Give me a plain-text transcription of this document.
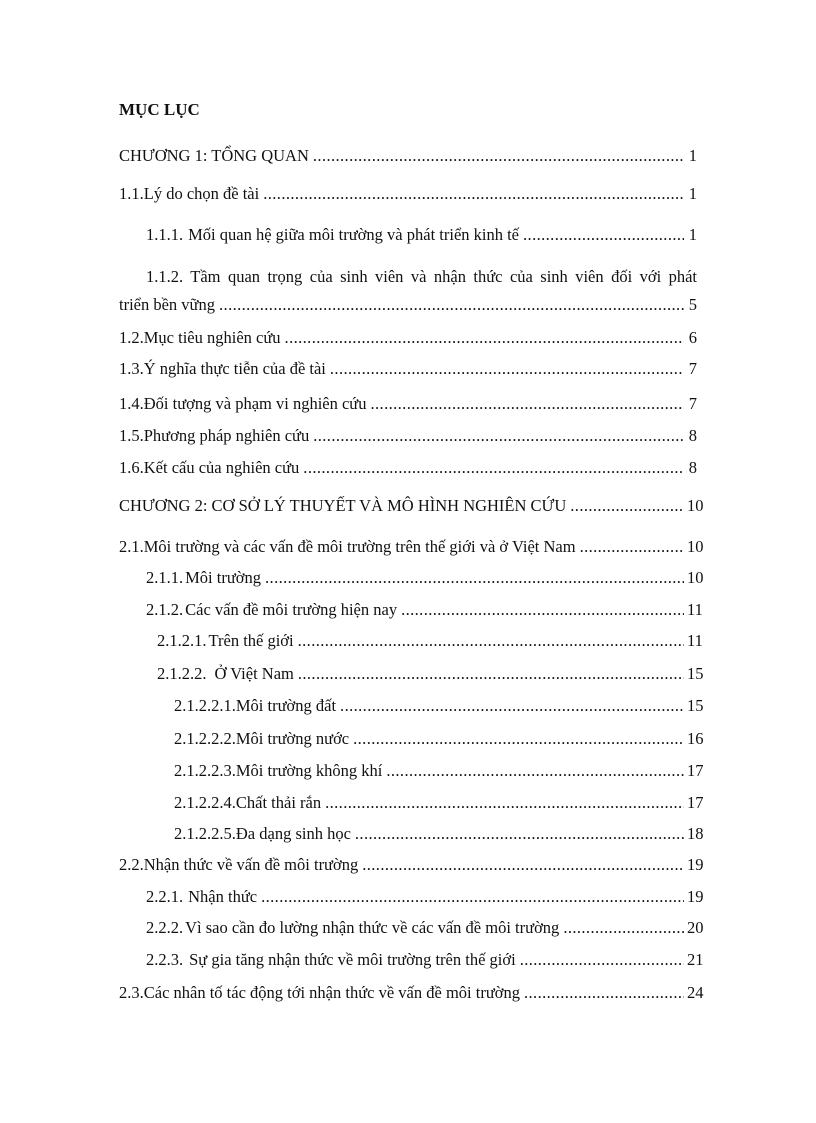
MỤC LỤC
CHƯƠNG 1: TỔNG QUAN .....	1
1.1. Lý do chọn đề tài .....	1
1.1.1. Mối quan hệ giữa môi trường và phát triển kinh tế .....	1
1.1.2. Tầm quan trọng của sinh viên và nhận thức của sinh viên đối với phát
triển bền vững .....	5
1.2. Mục tiêu nghiên cứu .....	6
1.3. Ý nghĩa thực tiễn của đề tài .....	7
1.4. Đối tượng và phạm vi nghiên cứu .....	7
1.5. Phương pháp nghiên cứu .....	8
1.6. Kết cấu của nghiên cứu .....	8
CHƯƠNG 2: CƠ SỞ LÝ THUYẾT VÀ MÔ HÌNH NGHIÊN CỨU .....	10
2.1. Môi trường và các vấn đề môi trường trên thế giới và ở Việt Nam .....	10
2.1.1. Môi trường .....	10
2.1.2. Các vấn đề môi trường hiện nay .....	11
2.1.2.1. Trên thế giới .....	11
2.1.2.2. Ở Việt Nam .....	15
2.1.2.2.1. Môi trường đất .....	15
2.1.2.2.2. Môi trường nước .....	16
2.1.2.2.3. Môi trường không khí .....	17
2.1.2.2.4. Chất thải rắn .....	17
2.1.2.2.5. Đa dạng sinh học .....	18
2.2. Nhận thức về vấn đề môi trường .....	19
2.2.1. Nhận thức .....	19
2.2.2. Vì sao cần đo lường nhận thức về các vấn đề môi trường .....	20
2.2.3. Sự gia tăng nhận thức về môi trường trên thế giới .....	21
2.3. Các nhân tố tác động tới nhận thức về vấn đề môi trường .....	24
